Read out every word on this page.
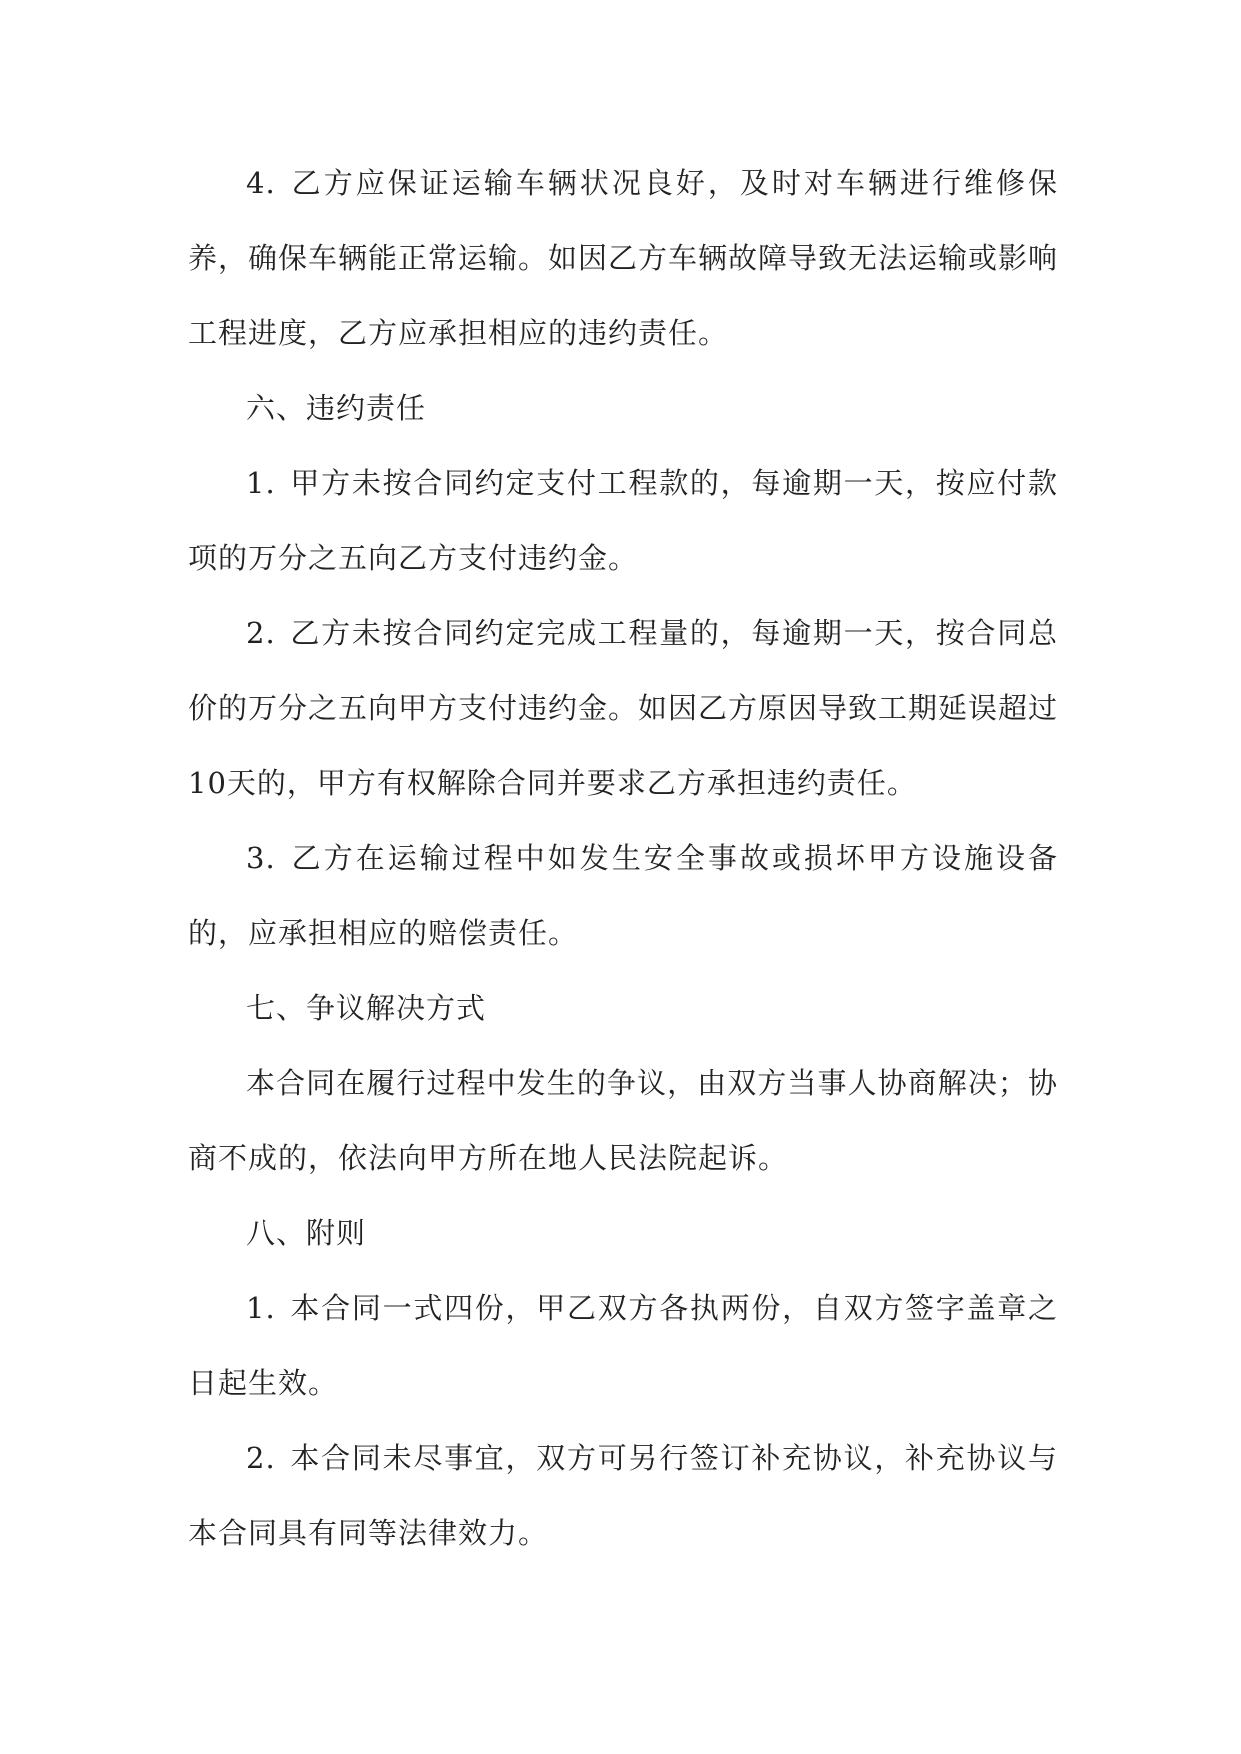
4. 乙方应保证运输车辆状况良好，及时对车辆进行维修保养，确保车辆能正常运输。如因乙方车辆故障导致无法运输或影响工程进度，乙方应承担相应的违约责任。

六、违约责任

1. 甲方未按合同约定支付工程款的，每逾期一天，按应付款项的万分之五向乙方支付违约金。

2. 乙方未按合同约定完成工程量的，每逾期一天，按合同总价的万分之五向甲方支付违约金。如因乙方原因导致工期延误超过10天的，甲方有权解除合同并要求乙方承担违约责任。

3. 乙方在运输过程中如发生安全事故或损坏甲方设施设备的，应承担相应的赔偿责任。

七、争议解决方式

本合同在履行过程中发生的争议，由双方当事人协商解决；协商不成的，依法向甲方所在地人民法院起诉。

八、附则

1. 本合同一式四份，甲乙双方各执两份，自双方签字盖章之日起生效。

2. 本合同未尽事宜，双方可另行签订补充协议，补充协议与本合同具有同等法律效力。
